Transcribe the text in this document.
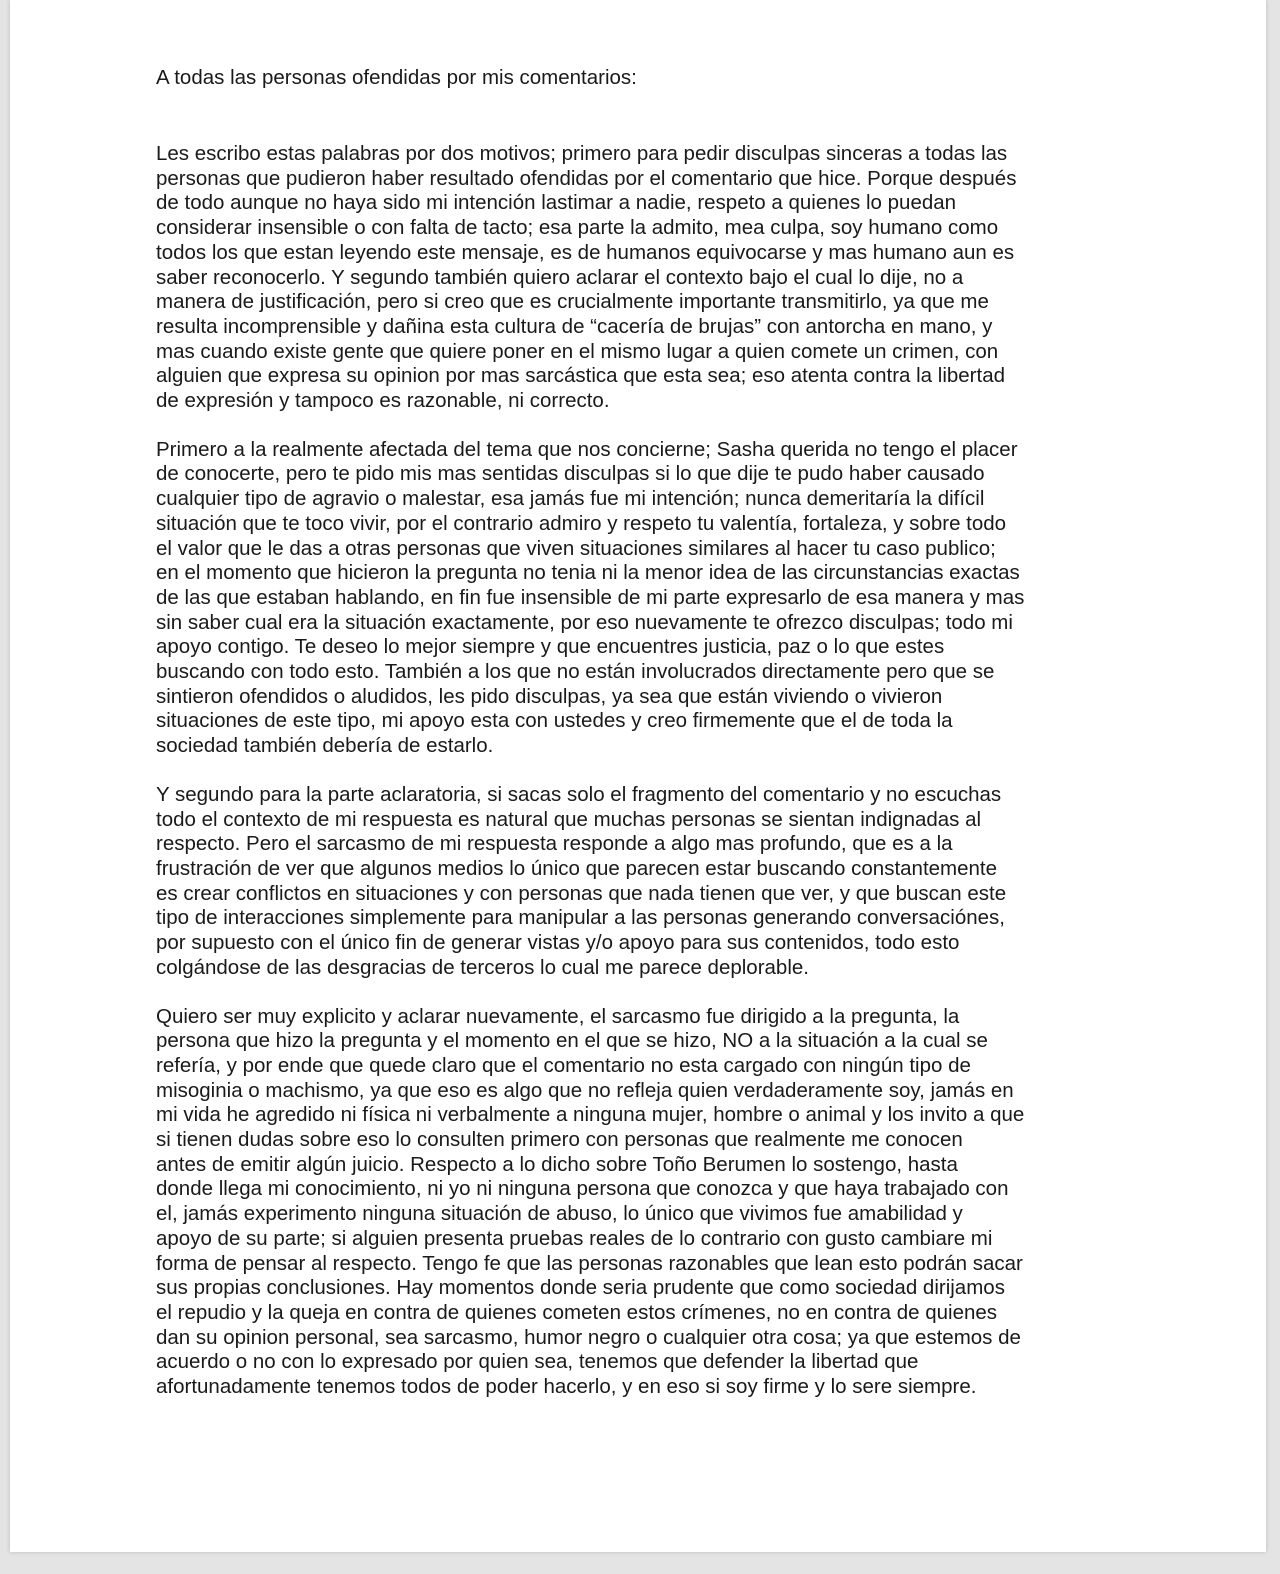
A todas las personas ofendidas por mis comentarios:
Les escribo estas palabras por dos motivos; primero para pedir disculpas sinceras a todas las
personas que pudieron haber resultado ofendidas por el comentario que hice. Porque después
de todo aunque no haya sido mi intención lastimar a nadie, respeto a quienes lo puedan
considerar insensible o con falta de tacto; esa parte la admito, mea culpa, soy humano como
todos los que estan leyendo este mensaje, es de humanos equivocarse y mas humano aun es
saber reconocerlo. Y segundo también quiero aclarar el contexto bajo el cual lo dije, no a
manera de justificación, pero si creo que es crucialmente importante transmitirlo, ya que me
resulta incomprensible y dañina esta cultura de “cacería de brujas” con antorcha en mano, y
mas cuando existe gente que quiere poner en el mismo lugar a quien comete un crimen, con
alguien que expresa su opinion por mas sarcástica que esta sea; eso atenta contra la libertad
de expresión y tampoco es razonable, ni correcto.
Primero a la realmente afectada del tema que nos concierne; Sasha querida no tengo el placer
de conocerte, pero te pido mis mas sentidas disculpas si lo que dije te pudo haber causado
cualquier tipo de agravio o malestar, esa jamás fue mi intención; nunca demeritaría la difícil
situación que te toco vivir, por el contrario admiro y respeto tu valentía, fortaleza, y sobre todo
el valor que le das a otras personas que viven situaciones similares al hacer tu caso publico;
en el momento que hicieron la pregunta no tenia ni la menor idea de las circunstancias exactas
de las que estaban hablando, en fin fue insensible de mi parte expresarlo de esa manera y mas
sin saber cual era la situación exactamente, por eso nuevamente te ofrezco disculpas; todo mi
apoyo contigo. Te deseo lo mejor siempre y que encuentres justicia, paz o lo que estes
buscando con todo esto. También a los que no están involucrados directamente pero que se
sintieron ofendidos o aludidos, les pido disculpas, ya sea que están viviendo o vivieron
situaciones de este tipo, mi apoyo esta con ustedes y creo firmemente que el de toda la
sociedad también debería de estarlo.
Y segundo para la parte aclaratoria, si sacas solo el fragmento del comentario y no escuchas
todo el contexto de mi respuesta es natural que muchas personas se sientan indignadas al
respecto. Pero el sarcasmo de mi respuesta responde a algo mas profundo, que es a la
frustración de ver que algunos medios lo único que parecen estar buscando constantemente
es crear conflictos en situaciones y con personas que nada tienen que ver, y que buscan este
tipo de interacciones simplemente para manipular a las personas generando conversaciónes,
por supuesto con el único fin de generar vistas y/o apoyo para sus contenidos, todo esto
colgándose de las desgracias de terceros lo cual me parece deplorable.
Quiero ser muy explicito y aclarar nuevamente, el sarcasmo fue dirigido a la pregunta, la
persona que hizo la pregunta y el momento en el que se hizo, NO a la situación a la cual se
refería, y por ende que quede claro que el comentario no esta cargado con ningún tipo de
misoginia o machismo, ya que eso es algo que no refleja quien verdaderamente soy, jamás en
mi vida he agredido ni física ni verbalmente a ninguna mujer, hombre o animal y los invito a que
si tienen dudas sobre eso lo consulten primero con personas que realmente me conocen
antes de emitir algún juicio. Respecto a lo dicho sobre Toño Berumen lo sostengo, hasta
donde llega mi conocimiento, ni yo ni ninguna persona que conozca y que haya trabajado con
el, jamás experimento ninguna situación de abuso, lo único que vivimos fue amabilidad y
apoyo de su parte; si alguien presenta pruebas reales de lo contrario con gusto cambiare mi
forma de pensar al respecto. Tengo fe que las personas razonables que lean esto podrán sacar
sus propias conclusiones. Hay momentos donde seria prudente que como sociedad dirijamos
el repudio y la queja en contra de quienes cometen estos crímenes, no en contra de quienes
dan su opinion personal, sea sarcasmo, humor negro o cualquier otra cosa; ya que estemos de
acuerdo o no con lo expresado por quien sea, tenemos que defender la libertad que
afortunadamente tenemos todos de poder hacerlo, y en eso si soy firme y lo sere siempre.
